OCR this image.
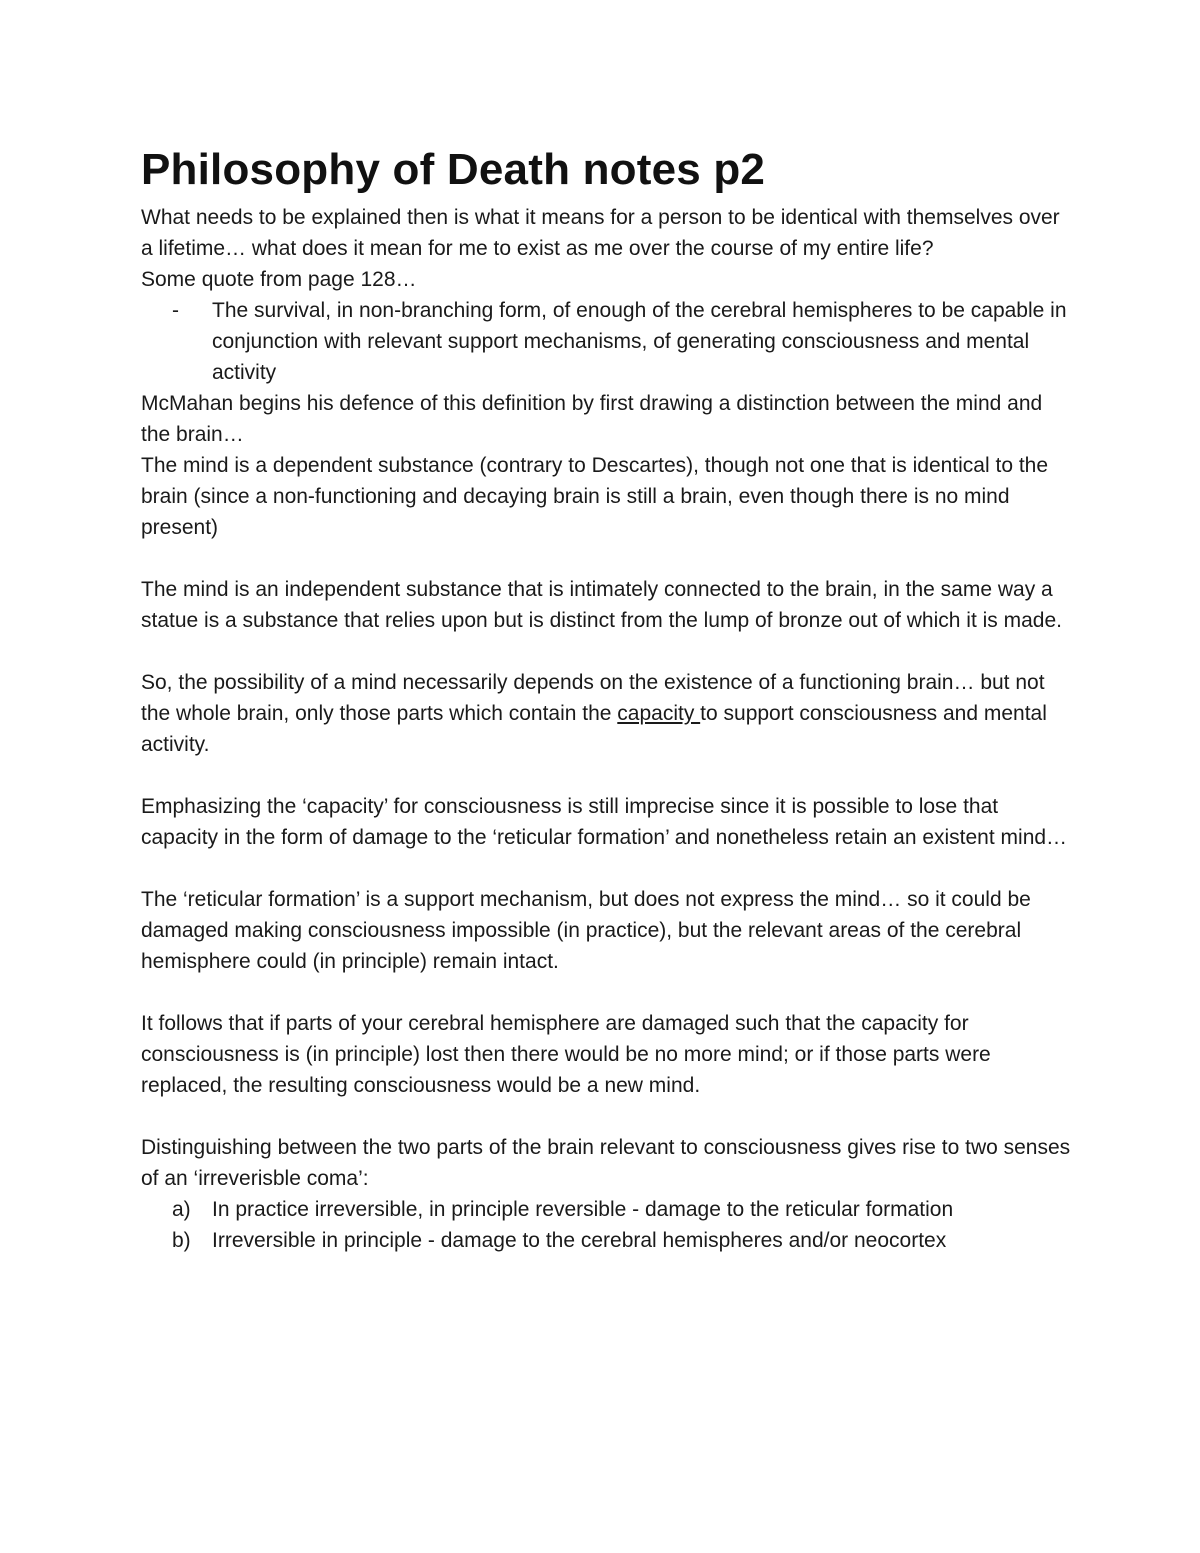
Philosophy of Death notes p2

What needs to be explained then is what it means for a person to be identical with themselves over a lifetime… what does it mean for me to exist as me over the course of my entire life?

Some quote from page 128…

- The survival, in non-branching form, of enough of the cerebral hemispheres to be capable in conjunction with relevant support mechanisms, of generating consciousness and mental activity

McMahan begins his defence of this definition by first drawing a distinction between the mind and the brain…

The mind is a dependent substance (contrary to Descartes), though not one that is identical to the brain (since a non-functioning and decaying brain is still a brain, even though there is no mind present)

The mind is an independent substance that is intimately connected to the brain, in the same way a statue is a substance that relies upon but is distinct from the lump of bronze out of which it is made.

So, the possibility of a mind necessarily depends on the existence of a functioning brain… but not the whole brain, only those parts which contain the capacity to support consciousness and mental activity.

Emphasizing the ‘capacity’ for consciousness is still imprecise since it is possible to lose that capacity in the form of damage to the ‘reticular formation’ and nonetheless retain an existent mind…

The ‘reticular formation’ is a support mechanism, but does not express the mind… so it could be damaged making consciousness impossible (in practice), but the relevant areas of the cerebral hemisphere could (in principle) remain intact.

It follows that if parts of your cerebral hemisphere are damaged such that the capacity for consciousness is (in principle) lost then there would be no more mind; or if those parts were replaced, the resulting consciousness would be a new mind.

Distinguishing between the two parts of the brain relevant to consciousness gives rise to two senses of an ‘irreverisble coma’:

a) In practice irreversible, in principle reversible - damage to the reticular formation
b) Irreversible in principle - damage to the cerebral hemispheres and/or neocortex
